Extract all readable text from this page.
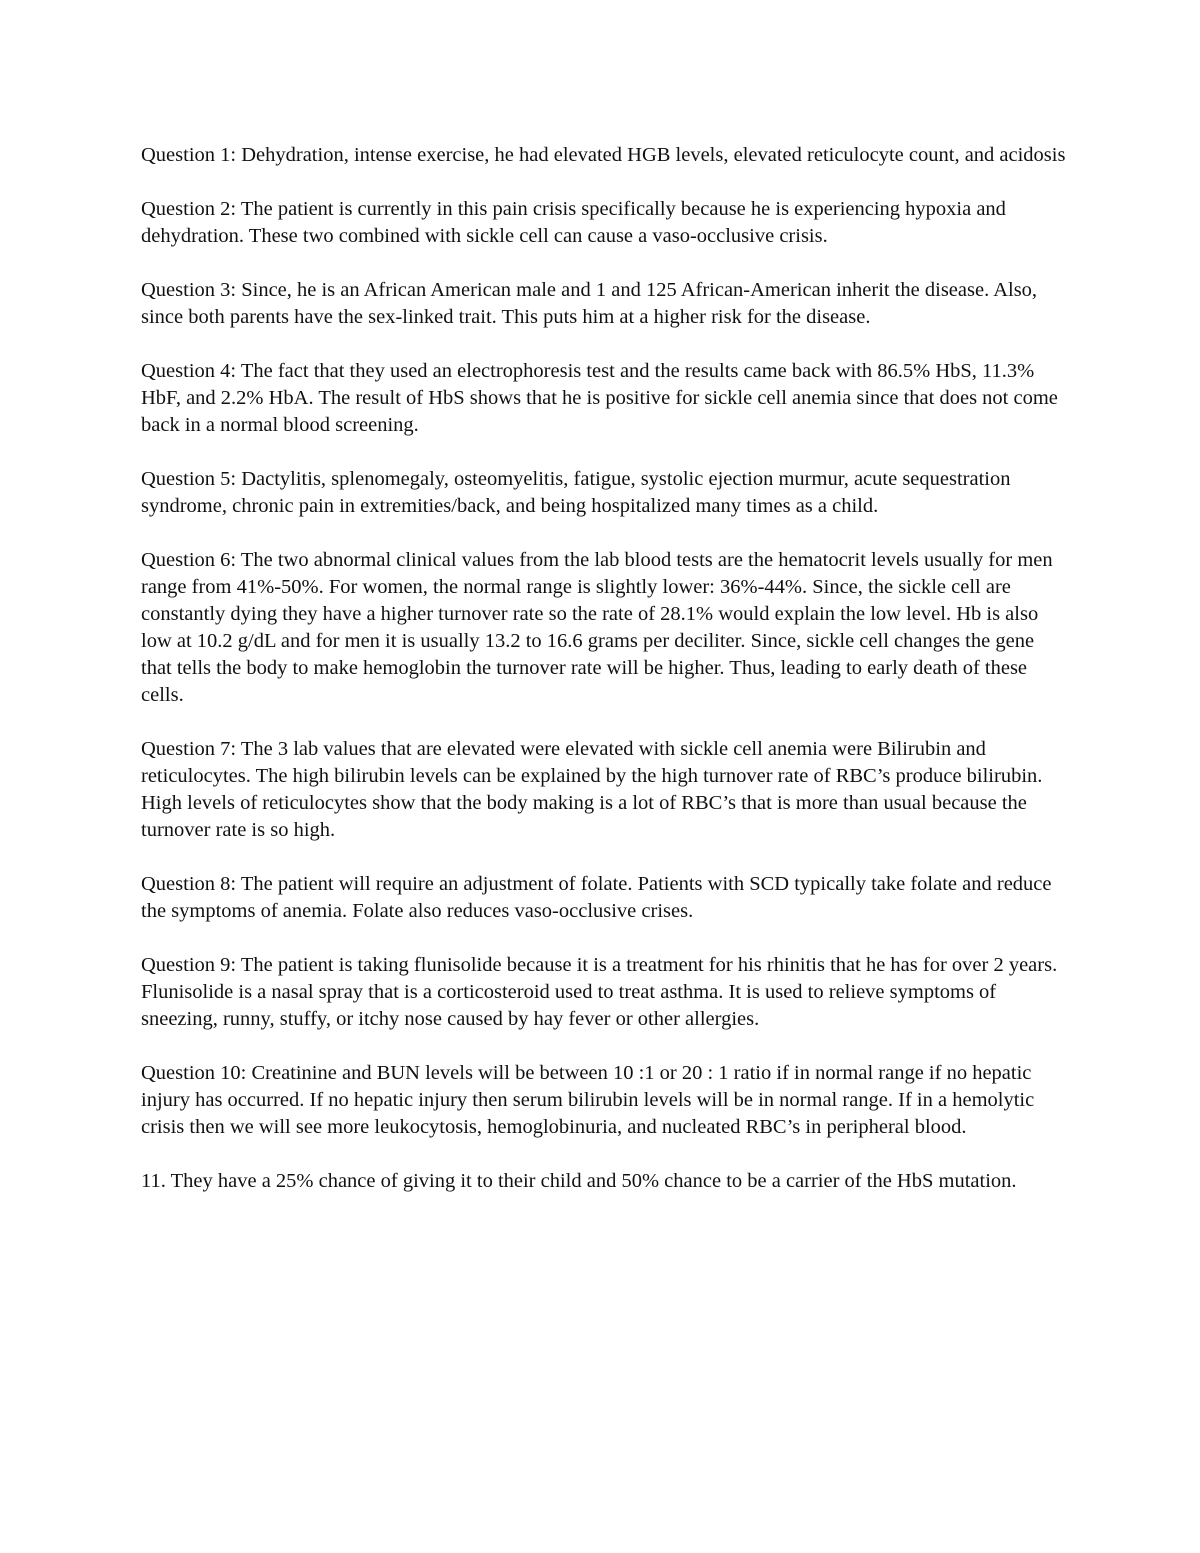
Question 1: Dehydration, intense exercise, he had elevated HGB levels, elevated reticulocyte count, and acidosis

Question 2: The patient is currently in this pain crisis specifically because he is experiencing hypoxia and dehydration. These two combined with sickle cell can cause a vaso-occlusive crisis.

Question 3: Since, he is an African American male and 1 and 125 African-American inherit the disease. Also, since both parents have the sex-linked trait. This puts him at a higher risk for the disease.

Question 4: The fact that they used an electrophoresis test and the results came back with 86.5% HbS, 11.3% HbF, and 2.2% HbA. The result of HbS shows that he is positive for sickle cell anemia since that does not come back in a normal blood screening.

Question 5: Dactylitis, splenomegaly, osteomyelitis, fatigue, systolic ejection murmur, acute sequestration syndrome, chronic pain in extremities/back, and being hospitalized many times as a child.

Question 6: The two abnormal clinical values from the lab blood tests are the hematocrit levels usually for men range from 41%-50%. For women, the normal range is slightly lower: 36%-44%. Since, the sickle cell are constantly dying they have a higher turnover rate so the rate of 28.1% would explain the low level. Hb is also low at 10.2 g/dL and for men it is usually 13.2 to 16.6 grams per deciliter. Since, sickle cell changes the gene that tells the body to make hemoglobin the turnover rate will be higher. Thus, leading to early death of these cells.

Question 7: The 3 lab values that are elevated were elevated with sickle cell anemia were Bilirubin and reticulocytes. The high bilirubin levels can be explained by the high turnover rate of RBC’s produce bilirubin. High levels of reticulocytes show that the body making is a lot of RBC’s that is more than usual because the turnover rate is so high.

Question 8: The patient will require an adjustment of folate. Patients with SCD typically take folate and reduce the symptoms of anemia. Folate also reduces vaso-occlusive crises.

Question 9: The patient is taking flunisolide because it is a treatment for his rhinitis that he has for over 2 years. Flunisolide is a nasal spray that is a corticosteroid used to treat asthma. It is used to relieve symptoms of sneezing, runny, stuffy, or itchy nose caused by hay fever or other allergies.

Question 10: Creatinine and BUN levels will be between 10 :1 or 20 : 1 ratio if in normal range if no hepatic injury has occurred. If no hepatic injury then serum bilirubin levels will be in normal range. If in a hemolytic crisis then we will see more leukocytosis, hemoglobinuria, and nucleated RBC’s in peripheral blood.

11. They have a 25% chance of giving it to their child and 50% chance to be a carrier of the HbS mutation.
